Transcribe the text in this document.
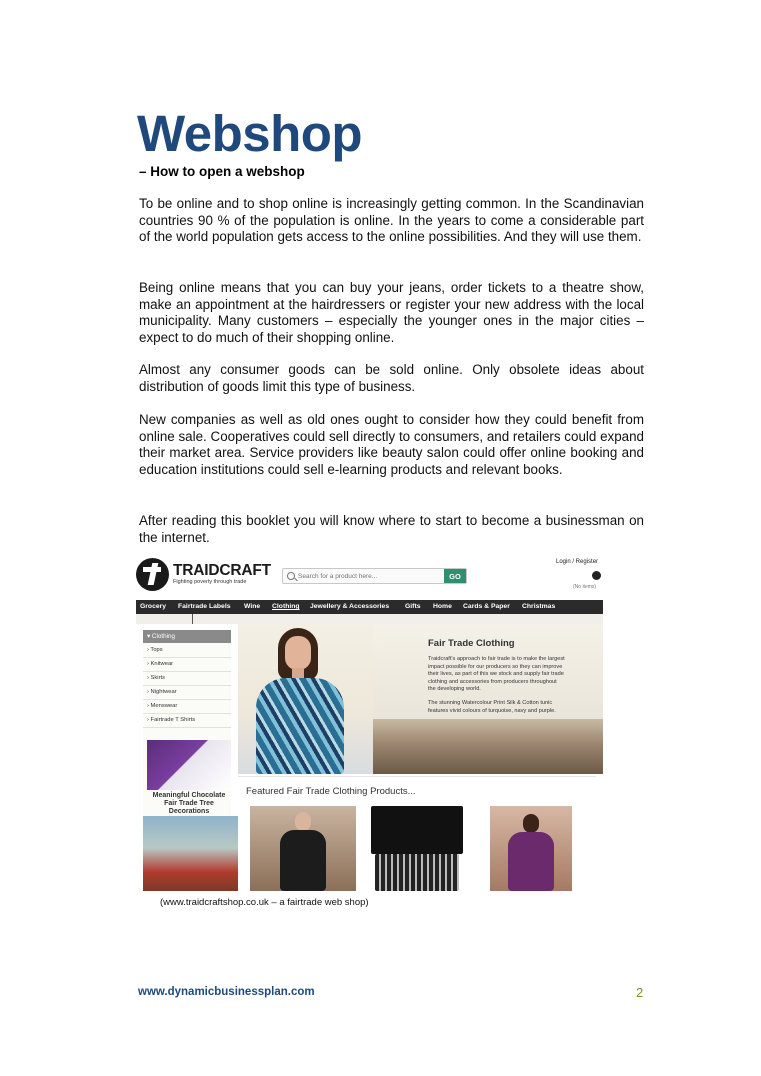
Webshop

– How to open a webshop

To be online and to shop online is increasingly getting common. In the Scandinavian countries 90 % of the population is online. In the years to come a considerable part of the world population gets access to the online possibilities. And they will use them.

Being online means that you can buy your jeans, order tickets to a theatre show, make an appointment at the hairdressers or register your new address with the local municipality. Many customers – especially the younger ones in the major cities – expect to do much of their shopping online.

Almost any consumer goods can be sold online. Only obsolete ideas about distribution of goods limit this type of business.

New companies as well as old ones ought to consider how they could benefit from online sale. Cooperatives could sell directly to consumers, and retailers could expand their market area. Service providers like beauty salon could offer online booking and education institutions could sell e-learning products and relevant books.

After reading this booklet you will know where to start to become a businessman on the internet.

TRAIDCRAFT
Fighting poverty through trade
Search for a product here...
GO
Login / Register
(No items)
Grocery Fairtrade Labels Wine Clothing Jewellery & Accessories Gifts Home Cards & Paper Christmas
▾ Clothing
› Tops
› Knitwear
› Skirts
› Nightwear
› Menswear
› Fairtrade T Shirts
Meaningful Chocolate Fair Trade Tree Decorations
Fair Trade Clothing
Traidcraft's approach to fair trade is to make the largest impact possible for our producers so they can improve their lives, as part of this we stock and supply fair trade clothing and accessories from producers throughout the developing world.
The stunning Watercolour Print Silk & Cotton tunic features vivid colours of turquoise, navy and purple.
Featured Fair Trade Clothing Products...
(www.traidcraftshop.co.uk – a fairtrade web shop)
www.dynamicbusinessplan.com	2
